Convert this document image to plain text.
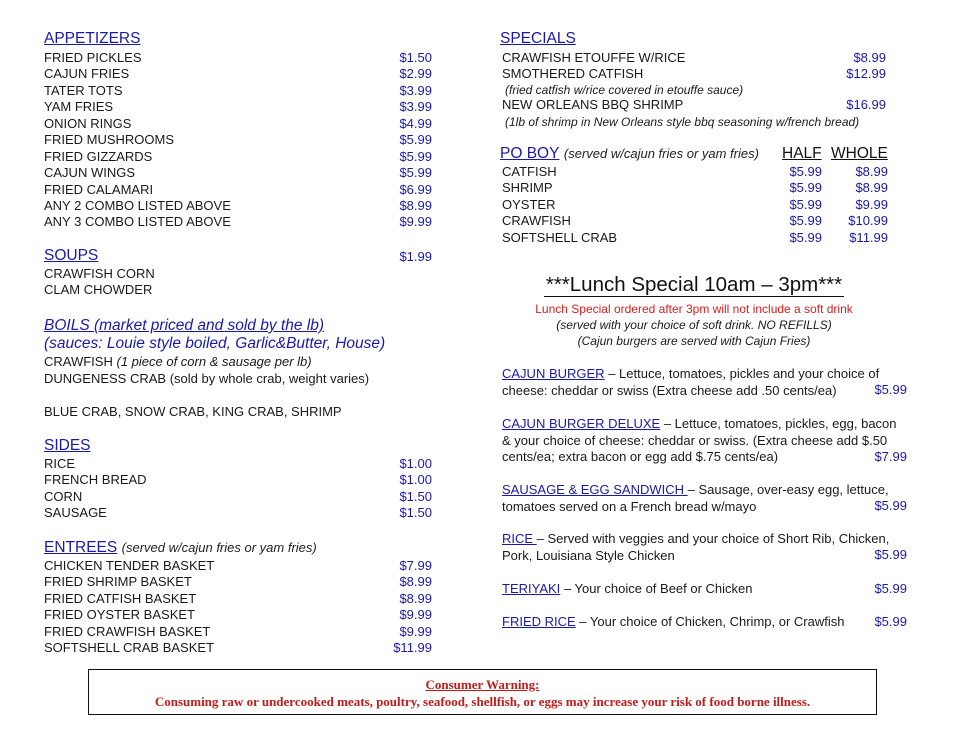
APPETIZERS
FRIED PICKLES	$1.50
CAJUN FRIES	$2.99
TATER TOTS	$3.99
YAM FRIES	$3.99
ONION RINGS	$4.99
FRIED MUSHROOMS	$5.99
FRIED GIZZARDS	$5.99
CAJUN WINGS	$5.99
FRIED CALAMARI	$6.99
ANY 2 COMBO LISTED ABOVE	$8.99
ANY 3 COMBO LISTED ABOVE	$9.99
SOUPS	$1.99
CRAWFISH CORN
CLAM CHOWDER
BOILS (market priced and sold by the lb)
(sauces: Louie style boiled, Garlic&Butter, House)
CRAWFISH (1 piece of corn & sausage per lb)
DUNGENESS CRAB (sold by whole crab, weight varies)
BLUE CRAB, SNOW CRAB, KING CRAB, SHRIMP
SIDES
RICE	$1.00
FRENCH BREAD	$1.00
CORN	$1.50
SAUSAGE	$1.50
ENTREES (served w/cajun fries or yam fries)
CHICKEN TENDER BASKET	$7.99
FRIED SHRIMP BASKET	$8.99
FRIED CATFISH BASKET	$8.99
FRIED OYSTER BASKET	$9.99
FRIED CRAWFISH BASKET	$9.99
SOFTSHELL CRAB BASKET	$11.99
SPECIALS
CRAWFISH ETOUFFE W/RICE	$8.99
SMOTHERED CATFISH	$12.99
(fried catfish w/rice covered in etouffe sauce)
NEW ORLEANS BBQ SHRIMP	$16.99
(1lb of shrimp in New Orleans style bbq seasoning w/french bread)
PO BOY (served w/cajun fries or yam fries) HALF WHOLE
CATFISH	$5.99	$8.99
SHRIMP	$5.99	$8.99
OYSTER	$5.99	$9.99
CRAWFISH	$5.99 $10.99
SOFTSHELL CRAB	$5.99 $11.99
***Lunch Special 10am – 3pm***
Lunch Special ordered after 3pm will not include a soft drink
(served with your choice of soft drink. NO REFILLS)
(Cajun burgers are served with Cajun Fries)
CAJUN BURGER – Lettuce, tomatoes, pickles and your choice of cheese: cheddar or swiss (Extra cheese add .50 cents/ea)	$5.99
CAJUN BURGER DELUXE – Lettuce, tomatoes, pickles, egg, bacon & your choice of cheese: cheddar or swiss. (Extra cheese add $.50 cents/ea; extra bacon or egg add $.75 cents/ea)	$7.99
SAUSAGE & EGG SANDWICH – Sausage, over-easy egg, lettuce, tomatoes served on a French bread w/mayo	$5.99
RICE – Served with veggies and your choice of Short Rib, Chicken, Pork, Louisiana Style Chicken	$5.99
TERIYAKI – Your choice of Beef or Chicken	$5.99
FRIED RICE – Your choice of Chicken, Chrimp, or Crawfish $5.99
Consumer Warning:
Consuming raw or undercooked meats, poultry, seafood, shellfish, or eggs may increase your risk of food borne illness.
